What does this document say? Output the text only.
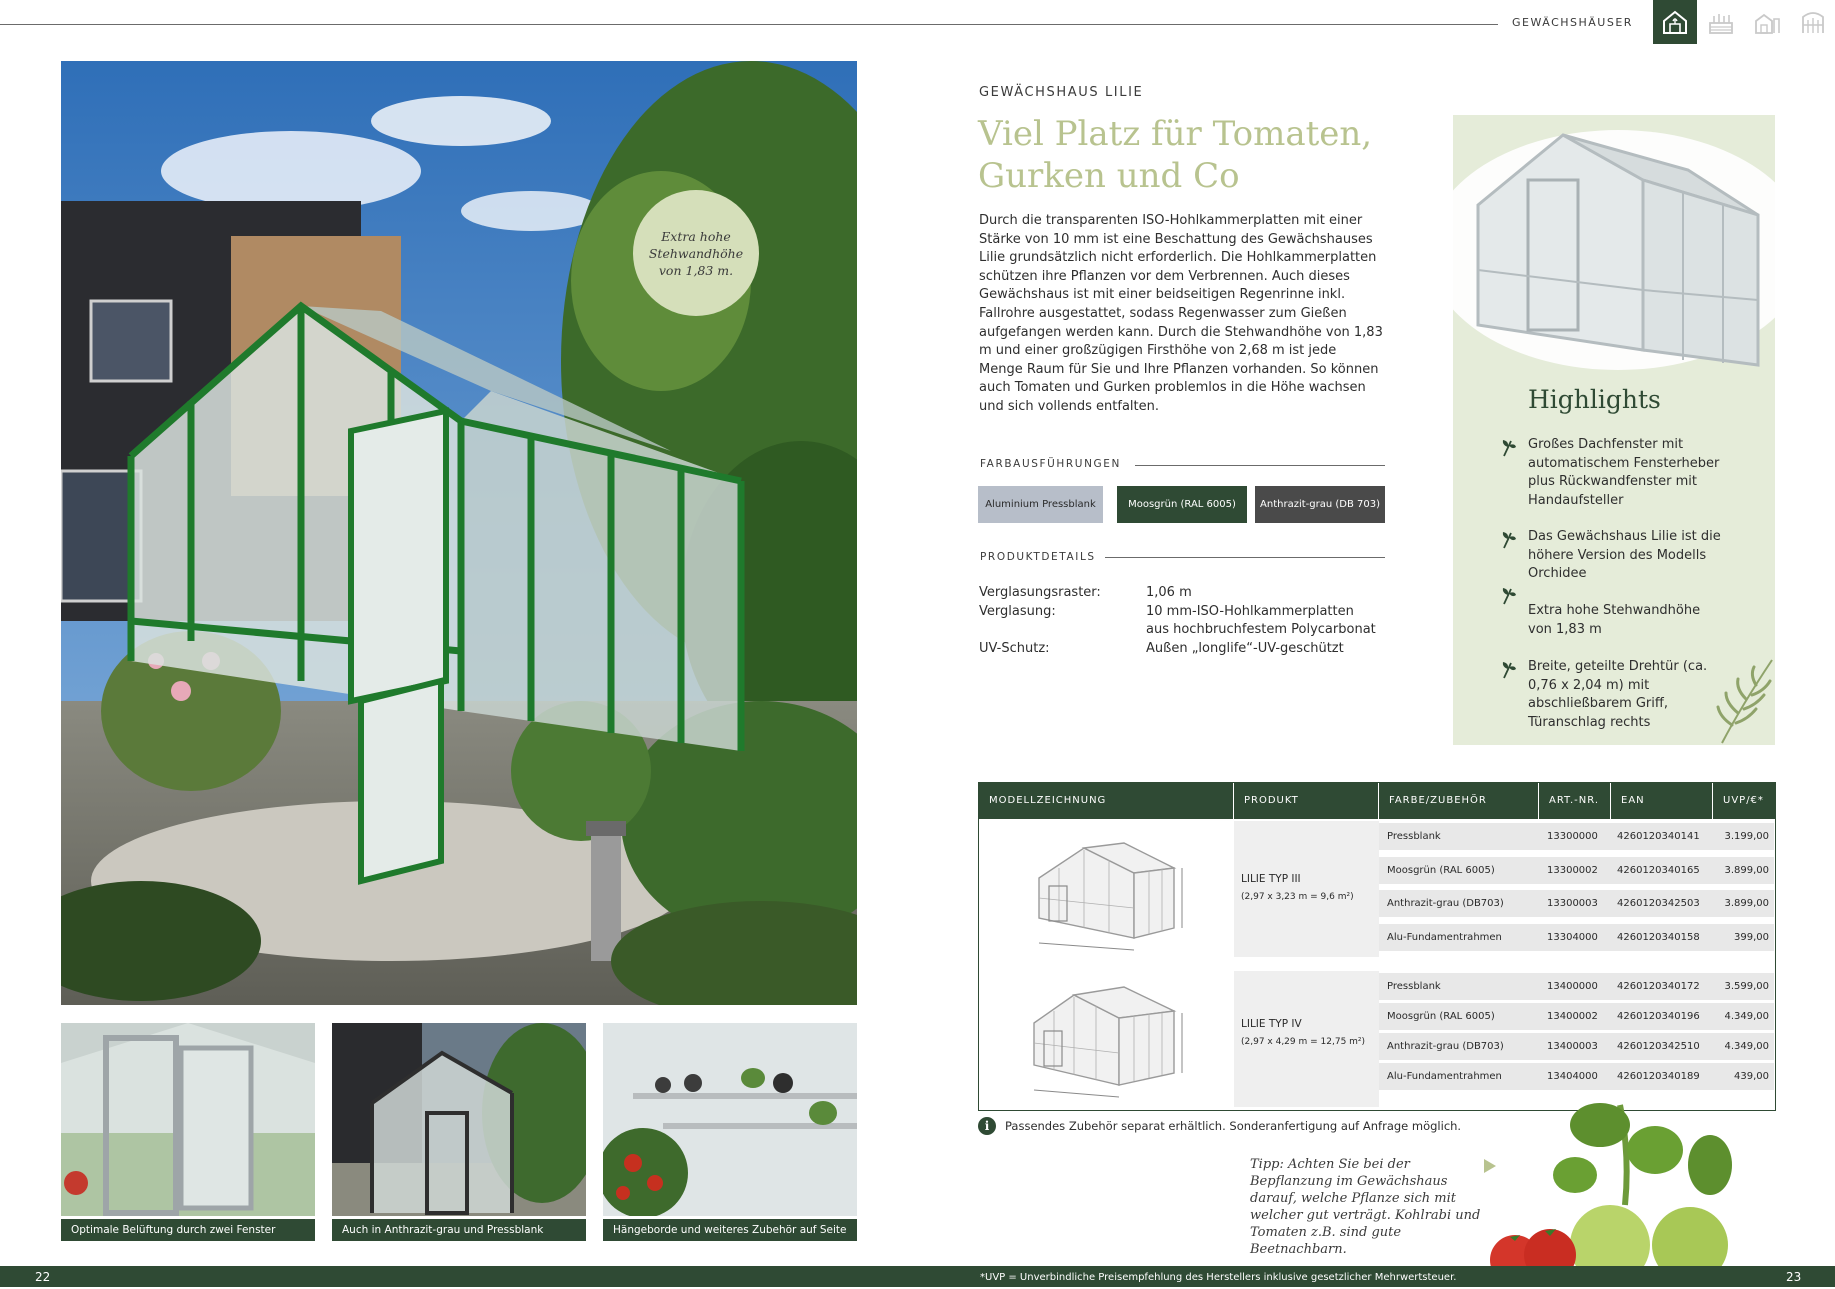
GEWÄCHSHÄUSER
Extra hohe Stehwandhöhe von 1,83 m.
Optimale Belüftung durch zwei Fenster	Auch in Anthrazit-grau und Pressblank erhältlich
Hängeborde und weiteres Zubehör auf Seite 69
GEWÄCHSHAUS LILIE
Viel Platz für Tomaten, Gurken und Co
Durch die transparenten ISO-Hohlkammerplatten mit einer Stärke von 10 mm ist eine Beschattung des Gewächshauses Lilie grundsätzlich nicht erforderlich. Die Hohlkammerplatten schützen ihre Pflanzen vor dem Verbrennen. Auch dieses Gewächshaus ist mit einer beidseitigen Regenrinne inkl. Fallrohre ausgestattet, sodass Regenwasser zum Gießen aufgefangen werden kann. Durch die Stehwandhöhe von 1,83 m und einer großzügigen Firsthöhe von 2,68 m ist jede Menge Raum für Sie und Ihre Pflanzen vorhanden. So können auch Tomaten und Gurken problemlos in die Höhe wachsen und sich vollends entfalten.
FARBAUSFÜHRUNGEN
Aluminium Pressblank	Moosgrün (RAL 6005) Anthrazit-grau (DB 703)
PRODUKTDETAILS
Verglasungsraster:	1,06 m
Verglasung:	10 mm-ISO-Hohlkammerplatten
aus hochbruchfestem Polycarbonat
UV-Schutz:	Außen „longlife“-UV-geschützt
Highlights
Großes Dachfenster mit automatischem Fensterheber plus Rückwandfenster mit Handaufsteller
Das Gewächshaus Lilie ist die höhere Version des Modells Orchidee
Extra hohe Stehwandhöhe von 1,83 m
Breite, geteilte Drehtür (ca. 0,76 x 2,04 m) mit abschließbarem Griff, Türanschlag rechts
MODELLZEICHNUNG	PRODUKT	FARBE/ZUBEHÖR	ART.-NR.	EAN	UVP/€*
LILIE TYP III
(2,97 x 3,23 m = 9,6 m²)
Pressblank	13300000 4260120340141	3.199,00
Moosgrün (RAL 6005)	13300002 4260120340165	3.899,00
Anthrazit-grau (DB703)	13300003 4260120342503	3.899,00
Alu-Fundamentrahmen	13304000 4260120340158	399,00
LILIE TYP IV
(2,97 x 4,29 m = 12,75 m²)
Pressblank	13400000 4260120340172	3.599,00
Moosgrün (RAL 6005)	13400002 4260120340196	4.349,00
Anthrazit-grau (DB703)	13400003 4260120342510	4.349,00
Alu-Fundamentrahmen	13404000 4260120340189	439,00
i	Passendes Zubehör separat erhältlich. Sonderanfertigung auf Anfrage möglich.
Tipp: Achten Sie bei der Bepflanzung im Gewächshaus darauf, welche Pflanze sich mit welcher gut verträgt. Kohlrabi und Tomaten z.B. sind gute Beetnachbarn.
22	*UVP = Unverbindliche Preisempfehlung des Herstellers inklusive gesetzlicher Mehrwertsteuer.	23
